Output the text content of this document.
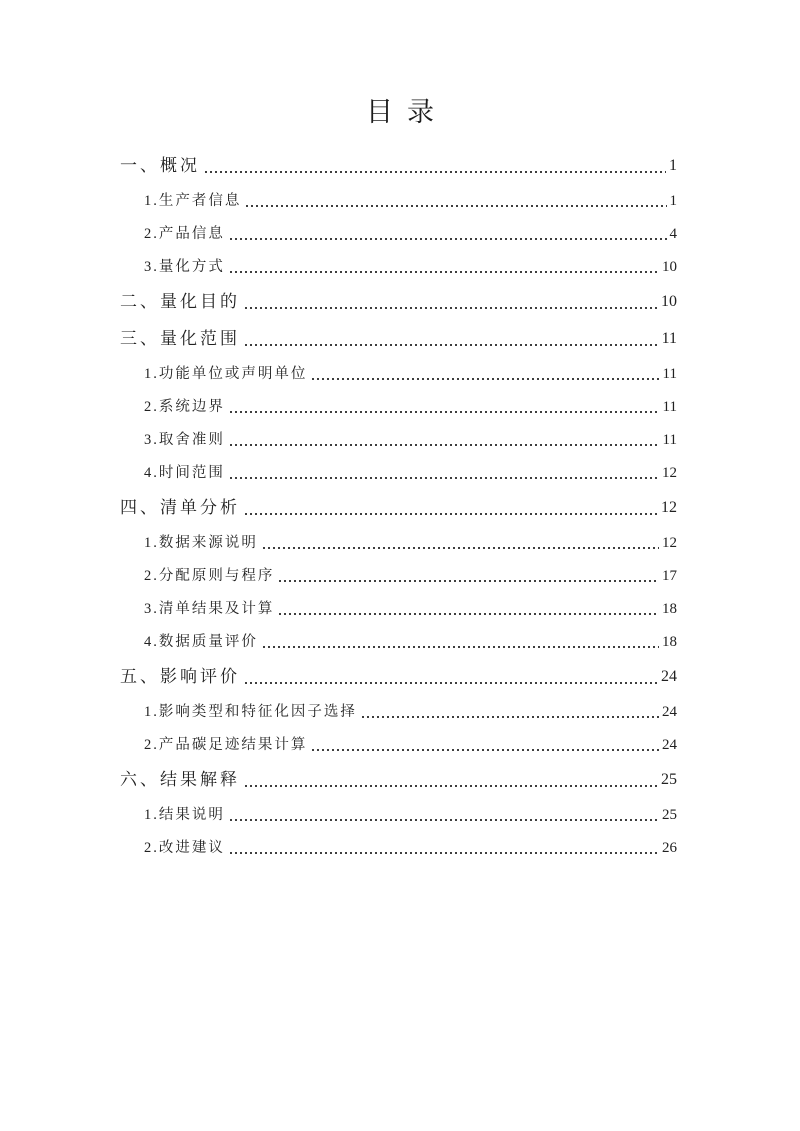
目录
一、概况	1
1.生产者信息	1
2.产品信息	4
3.量化方式	10
二、量化目的	10
三、量化范围	11
1.功能单位或声明单位	11
2.系统边界	11
3.取舍准则	11
4.时间范围	12
四、清单分析	12
1.数据来源说明	12
2.分配原则与程序	17
3.清单结果及计算	18
4.数据质量评价	18
五、影响评价	24
1.影响类型和特征化因子选择	24
2.产品碳足迹结果计算	24
六、结果解释	25
1.结果说明	25
2.改进建议	26
